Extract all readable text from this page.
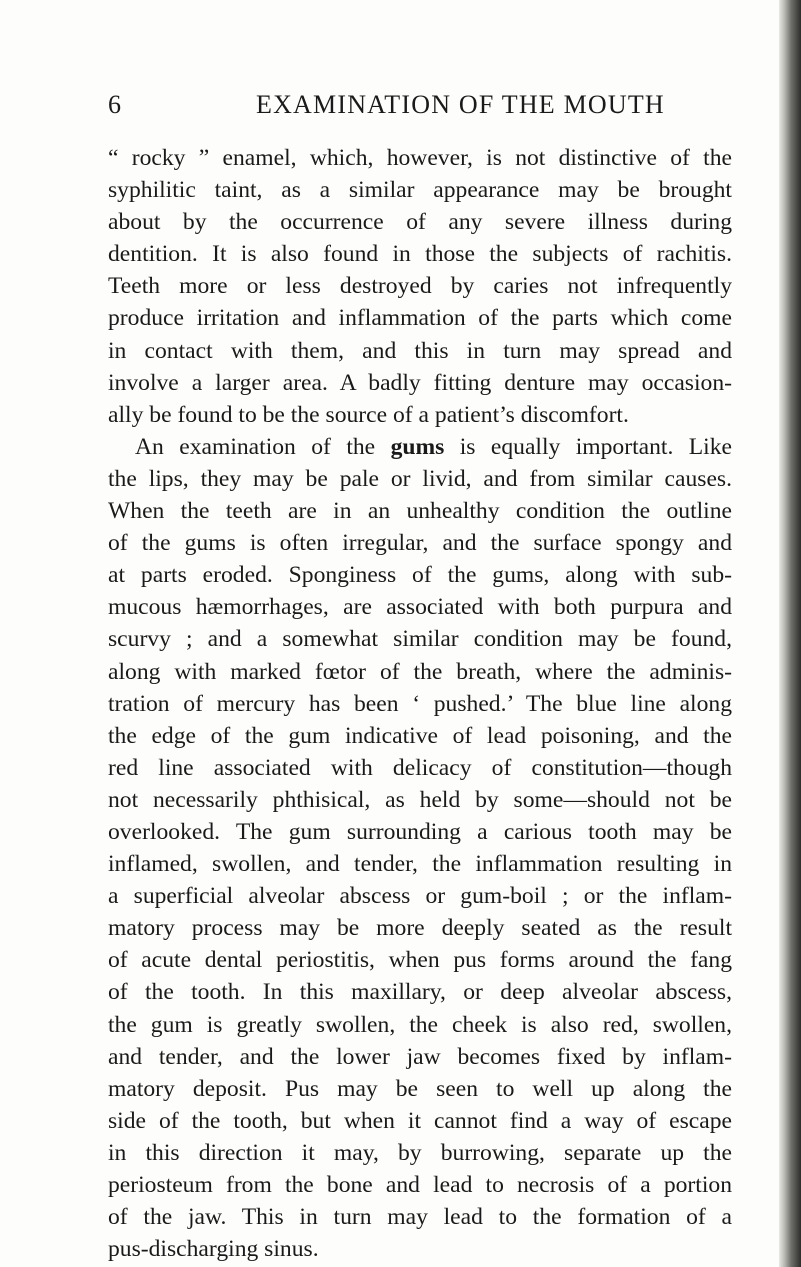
6	EXAMINATION OF THE MOUTH
“ rocky ” enamel, which, however, is not distinctive of the
syphilitic taint, as a similar appearance may be brought
about by the occurrence of any severe illness during
dentition. It is also found in those the subjects of rachitis.
Teeth more or less destroyed by caries not infrequently
produce irritation and inflammation of the parts which come
in contact with them, and this in turn may spread and
involve a larger area. A badly fitting denture may occasion-
ally be found to be the source of a patient’s discomfort.
An examination of the gums is equally important. Like
the lips, they may be pale or livid, and from similar causes.
When the teeth are in an unhealthy condition the outline
of the gums is often irregular, and the surface spongy and
at parts eroded. Sponginess of the gums, along with sub-
mucous hæmorrhages, are associated with both purpura and
scurvy ; and a somewhat similar condition may be found,
along with marked fœtor of the breath, where the adminis-
tration of mercury has been ‘ pushed.’ The blue line along
the edge of the gum indicative of lead poisoning, and the
red line associated with delicacy of constitution—though
not necessarily phthisical, as held by some—should not be
overlooked. The gum surrounding a carious tooth may be
inflamed, swollen, and tender, the inflammation resulting in
a superficial alveolar abscess or gum-boil ; or the inflam-
matory process may be more deeply seated as the result
of acute dental periostitis, when pus forms around the fang
of the tooth. In this maxillary, or deep alveolar abscess,
the gum is greatly swollen, the cheek is also red, swollen,
and tender, and the lower jaw becomes fixed by inflam-
matory deposit. Pus may be seen to well up along the
side of the tooth, but when it cannot find a way of escape
in this direction it may, by burrowing, separate up the
periosteum from the bone and lead to necrosis of a portion
of the jaw. This in turn may lead to the formation of a
pus-discharging sinus.
